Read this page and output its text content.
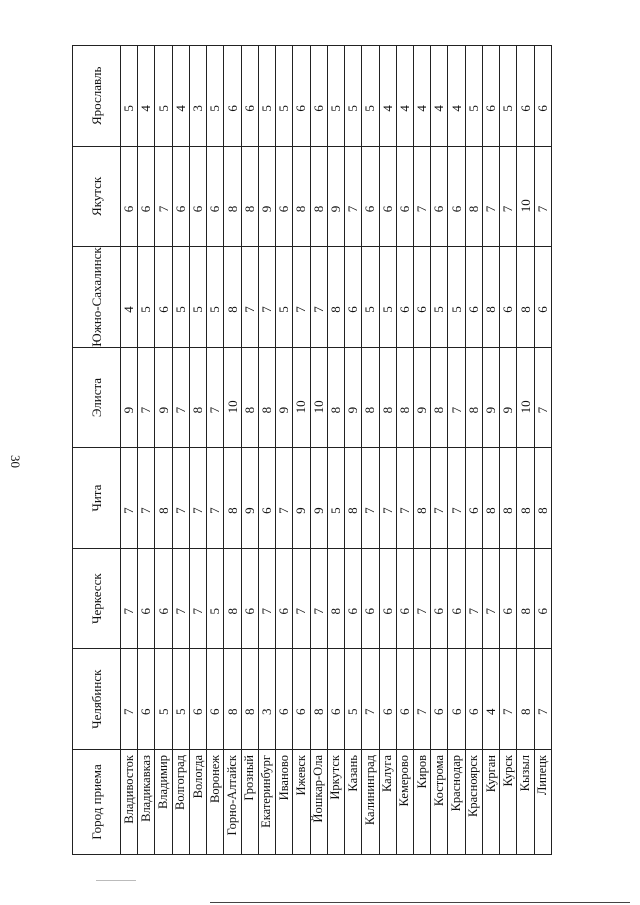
30
Город приема	Челябинск	Черкесск	Чита	Элиста	Южно-Сахалинск	Якутск	Ярославль
Владивосток	7	7	7	9	4	6	5
Владикавказ	6	6	7	7	5	6	4
Владимир	5	6	8	9	6	7	5
Волгоград	5	7	7	7	5	6	4
Вологда	6	7	7	8	5	6	3
Воронеж	6	5	7	7	5	6	5
Горно-Алтайск	8	8	8	10	8	8	6
Грозный	8	6	9	8	7	8	6
Екатеринбург	3	7	6	8	7	9	5
Иваново	6	6	7	9	5	6	5
Ижевск	6	7	9	10	7	8	6
Йошкар-Ола	8	7	9	10	7	8	6
Иркутск	6	8	5	8	8	9	5
Казань	5	6	8	9	6	7	5
Калининград	7	6	7	8	5	6	5
Калуга	6	6	7	8	5	6	4
Кемерово	6	6	7	8	6	6	4
Киров	7	7	8	9	6	7	4
Кострома	6	6	7	8	5	6	4
Краснодар	6	6	7	7	5	6	4
Красноярск	6	7	6	8	6	8	5
Курган	4	7	8	9	8	7	6
Курск	7	6	8	9	6	7	5
Кызыл	8	8	8	10	8	10	6
Липецк	7	6	8	7	6	7	6
